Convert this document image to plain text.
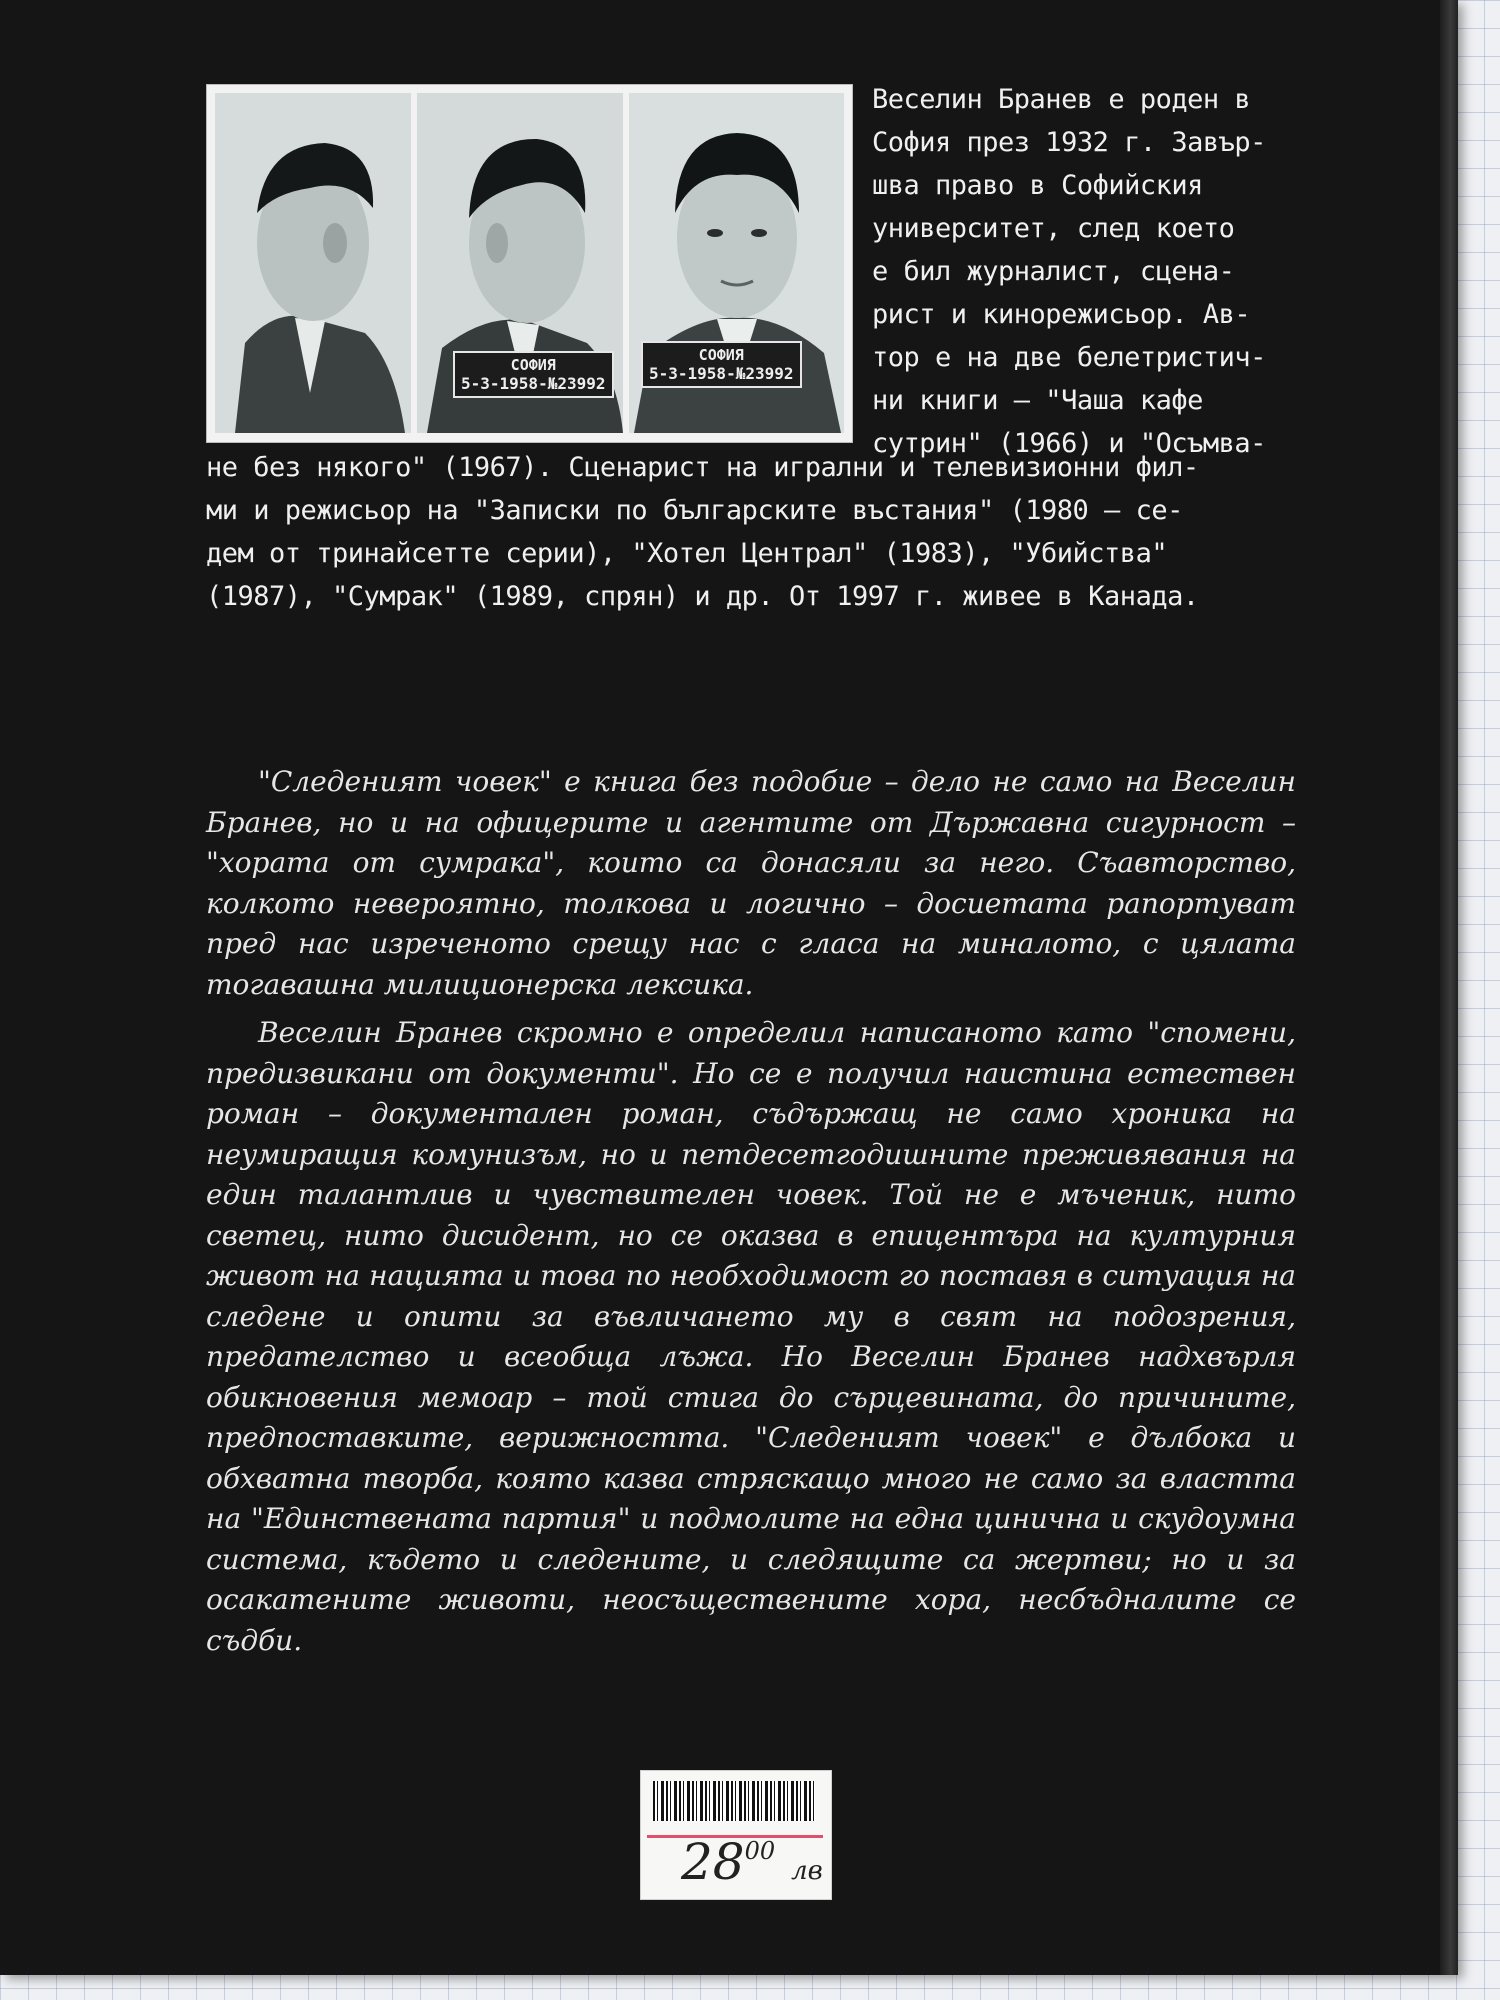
СОФИЯ
5-3-1958-№23992
СОФИЯ
5-3-1958-№23992
Веселин Бранев е роден в
София през 1932 г. Завър-
шва право в Софийския
университет, след което
е бил журналист, сцена-
рист и кинорежисьор. Ав-
тор е на две белетристич-
ни книги – "Чаша кафе
сутрин" (1966) и "Осъмва-
не без някого" (1967). Сценарист на игрални и телевизионни фил-
ми и режисьор на "Записки по българските въстания" (1980 – се-
дем от тринайсетте серии), "Хотел Централ" (1983), "Убийства"
(1987), "Сумрак" (1989, спрян) и др. От 1997 г. живее в Канада.

"Следеният човек" е книга без подобие – дело не само на Веселин Бранев, но и на офицерите и агентите от Държавна сигурност – "хората от сумрака", които са донасяли за него. Съавторство, колкото невероятно, толкова и логично – досиетата рапортуват пред нас изреченото срещу нас с гласа на миналото, с цялата тогавашна милиционерска лексика.

Веселин Бранев скромно е определил написаното като "спомени, предизвикани от документи". Но се е получил наистина естествен роман – документален роман, съдържащ не само хроника на неумиращия комунизъм, но и петдесетгодишните преживявания на един талантлив и чувствителен човек. Той не е мъченик, нито светец, нито дисидент, но се оказва в епицентъра на културния живот на нацията и това по необходимост го поставя в ситуация на следене и опити за въвличането му в свят на подозрения, предателство и всеобща лъжа. Но Веселин Бранев надхвърля обикновения мемоар – той стига до сърцевината, до причините, предпоставките, верижността. "Следеният човек" е дълбока и обхватна творба, която казва стряскащо много не само за властта на "Единствената партия" и подмолите на една цинична и скудоумна система, където и следените, и следящите са жертви; но и за осакатените животи, неосъществените хора, несбъдналите се съдби.

$28^{00}$ лв
